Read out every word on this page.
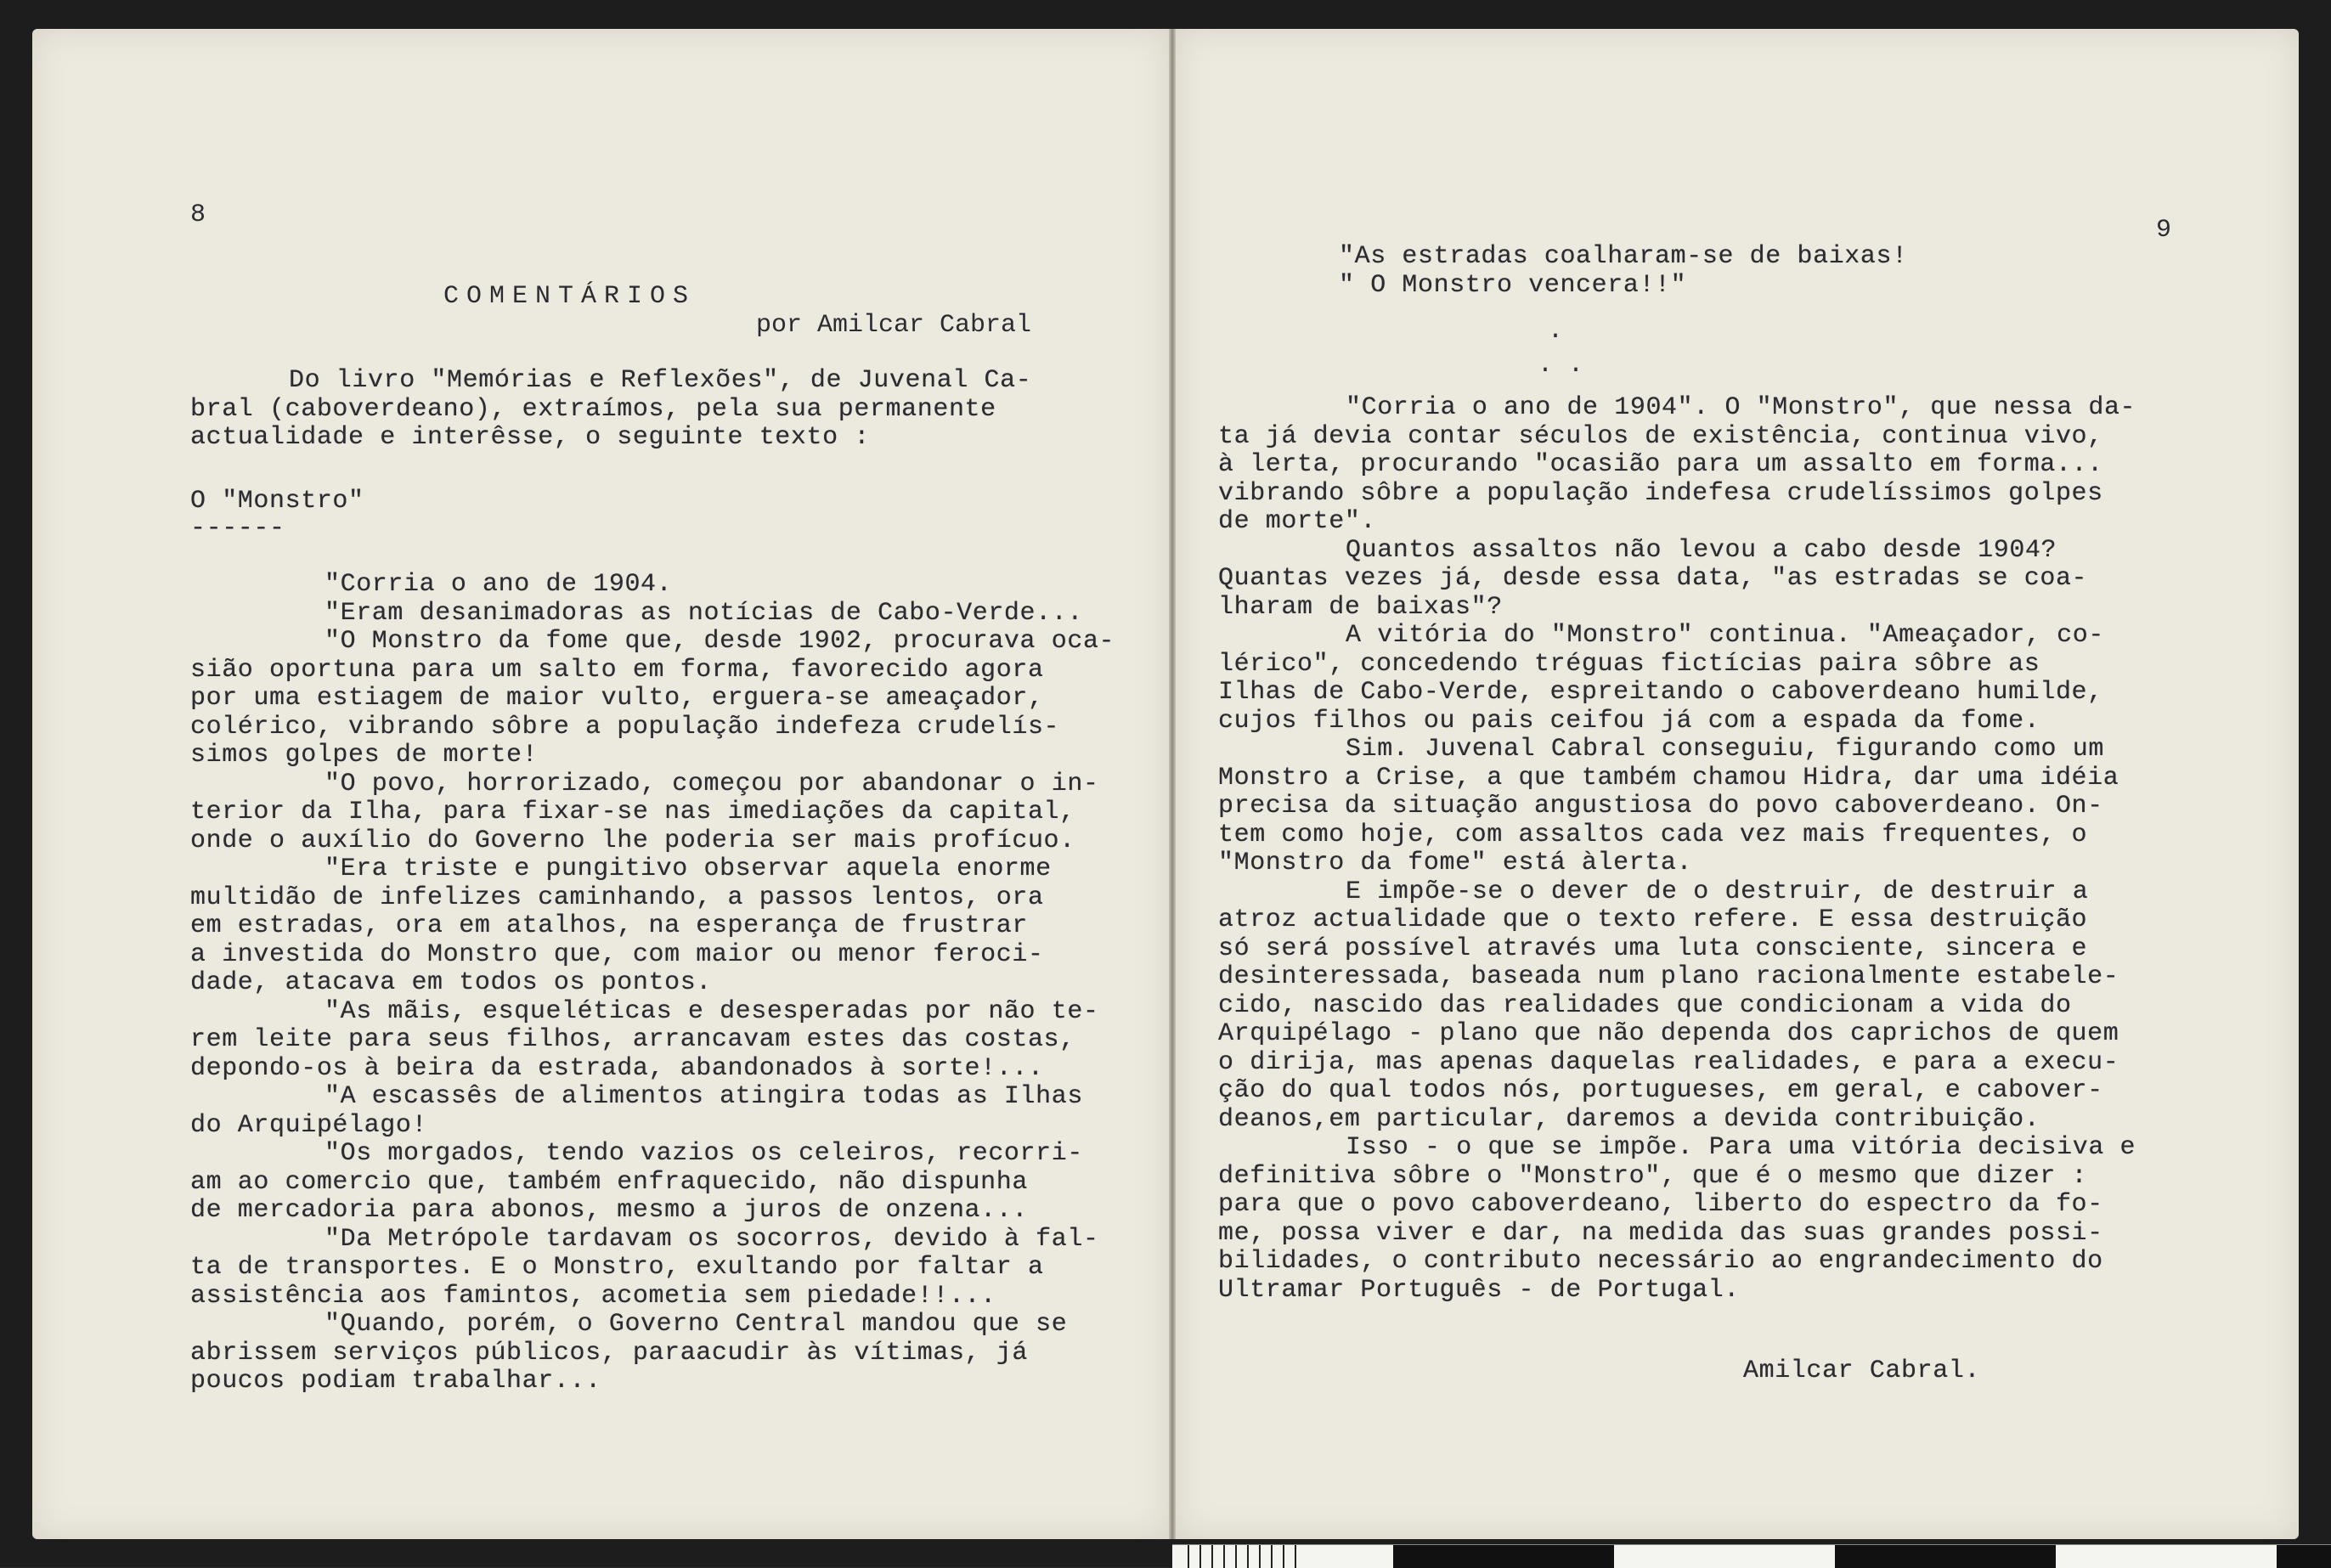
8
COMENTÁRIOS
por Amilcar Cabral
Do livro "Memórias e Reflexões", de Juvenal Ca-
bral (caboverdeano), extraímos, pela sua permanente
actualidade e interêsse, o seguinte texto :
O "Monstro"
------
"Corria o ano de 1904.
"Eram desanimadoras as notícias de Cabo-Verde...
"O Monstro da fome que, desde 1902, procurava oca-
sião oportuna para um salto em forma, favorecido agora
por uma estiagem de maior vulto, erguera-se ameaçador,
colérico, vibrando sôbre a população indefeza crudelís-
simos golpes de morte!
"O povo, horrorizado, começou por abandonar o in-
terior da Ilha, para fixar-se nas imediações da capital,
onde o auxílio do Governo lhe poderia ser mais profícuo.
"Era triste e pungitivo observar aquela enorme
multidão de infelizes caminhando, a passos lentos, ora
em estradas, ora em atalhos, na esperança de frustrar
a investida do Monstro que, com maior ou menor feroci-
dade, atacava em todos os pontos.
"As mãis, esqueléticas e desesperadas por não te-
rem leite para seus filhos, arrancavam estes das costas,
depondo-os à beira da estrada, abandonados à sorte!...
"A escassês de alimentos atingira todas as Ilhas
do Arquipélago!
"Os morgados, tendo vazios os celeiros, recorri-
am ao comercio que, também enfraquecido, não dispunha
de mercadoria para abonos, mesmo a juros de onzena...
"Da Metrópole tardavam os socorros, devido à fal-
ta de transportes. E o Monstro, exultando por faltar a
assistência aos famintos, acometia sem piedade!!...
"Quando, porém, o Governo Central mandou que se
abrissem serviços públicos, paraacudir às vítimas, já
poucos podiam trabalhar...
9
"As estradas coalharam-se de baixas!
" O Monstro vencera!!"
.
. .
"Corria o ano de 1904". O "Monstro", que nessa da-
ta já devia contar séculos de existência, continua vivo,
à lerta, procurando "ocasião para um assalto em forma...
vibrando sôbre a população indefesa crudelíssimos golpes
de morte".
Quantos assaltos não levou a cabo desde 1904?
Quantas vezes já, desde essa data, "as estradas se coa-
lharam de baixas"?
A vitória do "Monstro" continua. "Ameaçador, co-
lérico", concedendo tréguas fictícias paira sôbre as
Ilhas de Cabo-Verde, espreitando o caboverdeano humilde,
cujos filhos ou pais ceifou já com a espada da fome.
Sim. Juvenal Cabral conseguiu, figurando como um
Monstro a Crise, a que também chamou Hidra, dar uma idéia
precisa da situação angustiosa do povo caboverdeano. On-
tem como hoje, com assaltos cada vez mais frequentes, o
"Monstro da fome" está àlerta.
E impõe-se o dever de o destruir, de destruir a
atroz actualidade que o texto refere. E essa destruição
só será possível através uma luta consciente, sincera e
desinteressada, baseada num plano racionalmente estabele-
cido, nascido das realidades que condicionam a vida do
Arquipélago - plano que não dependa dos caprichos de quem
o dirija, mas apenas daquelas realidades, e para a execu-
ção do qual todos nós, portugueses, em geral, e cabover-
deanos,em particular, daremos a devida contribuição.
Isso - o que se impõe. Para uma vitória decisiva e
definitiva sôbre o "Monstro", que é o mesmo que dizer :
para que o povo caboverdeano, liberto do espectro da fo-
me, possa viver e dar, na medida das suas grandes possi-
bilidades, o contributo necessário ao engrandecimento do
Ultramar Português - de Portugal.
Amilcar Cabral.
